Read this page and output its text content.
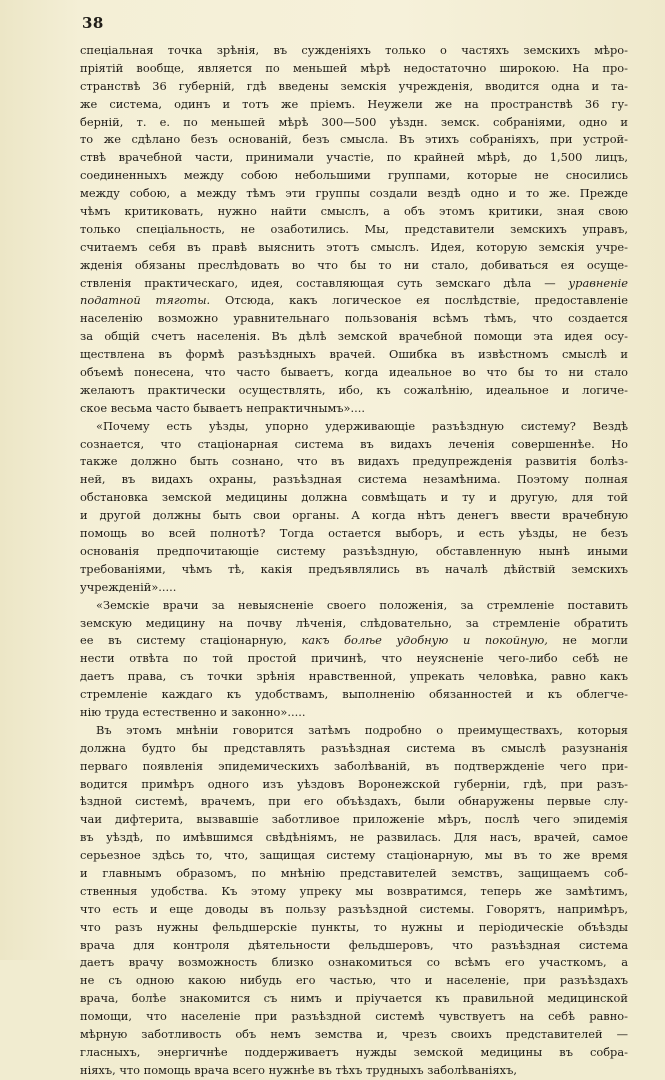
38
спеціальная точка зрѣнія, въ сужденіяхъ только о частяхъ земскихъ мѣро-
пріятій вообще, является по меньшей мѣрѣ недостаточно широкою. На про-
странствѣ 36 губерній, гдѣ введены земскія учрежденія, вводится одна и та-
же система, одинъ и тотъ же пріемъ. Неужели же на пространствѣ 36 гу-
берній, т. е. по меньшей мѣрѣ 300—500 уѣздн. земск. собраніями, одно и
то же сдѣлано безъ основаній, безъ смысла. Въ этихъ собраніяхъ, при устрой-
ствѣ врачебной части, принимали участіе, по крайней мѣрѣ, до 1,500 лицъ,
соединенныхъ между собою небольшими группами, которые не сносились
между собою, а между тѣмъ эти группы создали вездѣ одно и то же. Прежде
чѣмъ критиковать, нужно найти смыслъ, а объ этомъ критики, зная свою
только спеціальность, не озаботились. Мы, представители земскихъ управъ,
считаемъ себя въ правѣ выяснить этотъ смыслъ. Идея, которую земскія учре-
жденія обязаны преслѣдовать во что бы то ни стало, добиваться ея осуще-
ствленія практическаго, идея, составляющая суть земскаго дѣла — уравненіе
податной тяготы. Отсюда, какъ логическое ея послѣдствіе, предоставленіе
населенію возможно уравнительнаго пользованія всѣмъ тѣмъ, что создается
за общій счетъ населенія. Въ дѣлѣ земской врачебной помощи эта идея осу-
ществлена въ формѣ разъѣздныхъ врачей. Ошибка въ извѣстномъ смыслѣ и
объемѣ понесена, что часто бываетъ, когда идеальное во что бы то ни стало
желаютъ практически осуществлять, ибо, къ сожалѣнію, идеальное и логиче-
ское весьма часто бываетъ непрактичнымъ»....
«Почему есть уѣзды, упорно удерживающіе разъѣздную систему? Вездѣ
сознается, что стаціонарная система въ видахъ леченія совершеннѣе. Но
также должно быть сознано, что въ видахъ предупрежденія развитія болѣз-
ней, въ видахъ охраны, разъѣздная система незамѣнима. Поэтому полная
обстановка земской медицины должна совмѣщать и ту и другую, для той
и другой должны быть свои органы. А когда нѣтъ денегъ ввести врачебную
помощь во всей полнотѣ? Тогда остается выборъ, и есть уѣзды, не безъ
основанія предпочитающіе систему разъѣздную, обставленную нынѣ иными
требованіями, чѣмъ тѣ, какія предъявлялись въ началѣ дѣйствій земскихъ
учрежденій».....
«Земскіе врачи за невыясненіе своего положенія, за стремленіе поставить
земскую медицину на почву лѣченія, слѣдовательно, за стремленіе обратить
ее въ систему стаціонарную, какъ болѣе удобную и покойную, не могли
нести отвѣта по той простой причинѣ, что неуясненіе чего-либо себѣ не
даетъ права, съ точки зрѣнія нравственной, упрекать человѣка, равно какъ
стремленіе каждаго къ удобствамъ, выполненію обязанностей и къ облегче-
нію труда естественно и законно».....
Въ этомъ мнѣніи говорится затѣмъ подробно о преимуществахъ, которыя
должна будто бы представлять разъѣздная система въ смыслѣ разузнанія
перваго появленія эпидемическихъ заболѣваній, въ подтвержденіе чего при-
водится примѣръ одного изъ уѣздовъ Воронежской губерніи, гдѣ, при разъ-
ѣздной системѣ, врачемъ, при его объѣздахъ, были обнаружены первые слу-
чаи дифтерита, вызвавшіе заботливое приложеніе мѣръ, послѣ чего эпидемія
въ уѣздѣ, по имѣвшимся свѣдѣніямъ, не развилась. Для насъ, врачей, самое
серьезное здѣсь то, что, защищая систему стаціонарную, мы въ то же время
и главнымъ образомъ, по мнѣнію представителей земствъ, защищаемъ соб-
ственныя удобства. Къ этому упреку мы возвратимся, теперь же замѣтимъ,
что есть и еще доводы въ пользу разъѣздной системы. Говорятъ, напримѣръ,
что разъ нужны фельдшерскіе пункты, то нужны и періодическіе объѣзды
врача для контроля дѣятельности фельдшеровъ, что разъѣздная система
даетъ врачу возможность близко ознакомиться со всѣмъ его участкомъ, а
не съ одною какою нибудь его частью, что и населеніе, при разъѣздахъ
врача, болѣе знакомится съ нимъ и пріучается къ правильной медицинской
помощи, что населеніе при разъѣздной системѣ чувствуетъ на себѣ равно-
мѣрную заботливость объ немъ земства и, чрезъ своихъ представителей —
гласныхъ, энергичнѣе поддерживаетъ нужды земской медицины въ собра-
ніяхъ, что помощь врача всего нужнѣе въ тѣхъ трудныхъ заболѣваніяхъ,
